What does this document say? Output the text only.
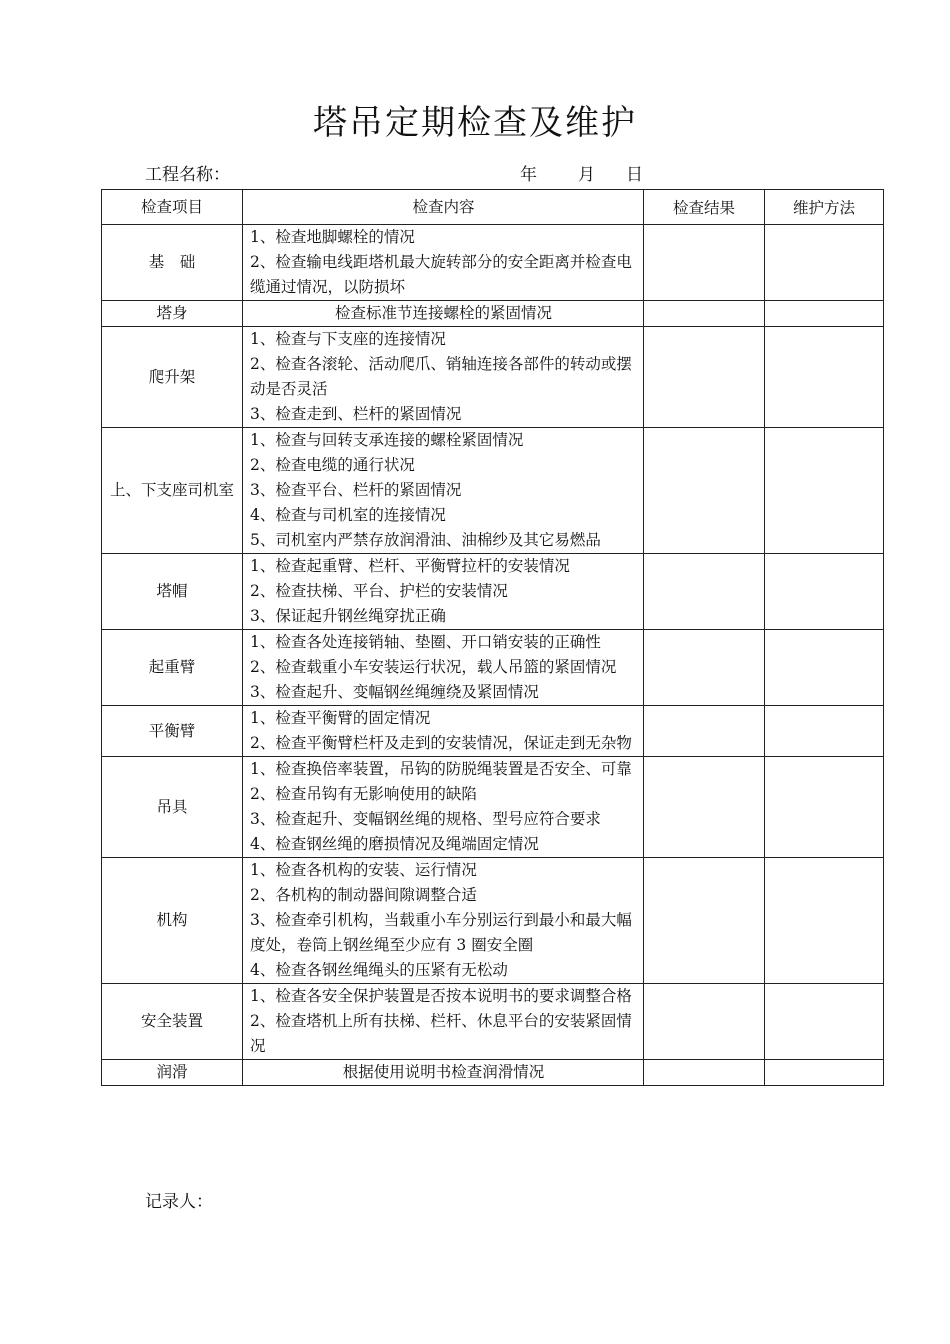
塔吊定期检查及维护
工程名称：	年 月 日
检查项目	检查内容	检查结果	维护方法
基　础	1、检查地脚螺栓的情况
2、检查输电线距塔机最大旋转部分的安全距离并检查电缆通过情况，以防损坏		

塔身	检查标准节连接螺栓的紧固情况		

爬升架	1、检查与下支座的连接情况
2、检查各滚轮、活动爬爪、销轴连接各部件的转动或摆动是否灵活
3、检查走到、栏杆的紧固情况		

上、下支座司机室	1、检查与回转支承连接的螺栓紧固情况
2、检查电缆的通行状况
3、检查平台、栏杆的紧固情况
4、检查与司机室的连接情况
5、司机室内严禁存放润滑油、油棉纱及其它易燃品		

塔帽	1、检查起重臂、栏杆、平衡臂拉杆的安装情况
2、检查扶梯、平台、护栏的安装情况
3、保证起升钢丝绳穿扰正确		

起重臂	1、检查各处连接销轴、垫圈、开口销安装的正确性
2、检查载重小车安装运行状况，载人吊篮的紧固情况
3、检查起升、变幅钢丝绳缠绕及紧固情况		

平衡臂	1、检查平衡臂的固定情况
2、检查平衡臂栏杆及走到的安装情况，保证走到无杂物		

吊具	1、检查换倍率装置，吊钩的防脱绳装置是否安全、可靠
2、检查吊钩有无影响使用的缺陷
3、检查起升、变幅钢丝绳的规格、型号应符合要求
4、检查钢丝绳的磨损情况及绳端固定情况		

机构	1、检查各机构的安装、运行情况
2、各机构的制动器间隙调整合适
3、检查牵引机构，当载重小车分别运行到最小和最大幅度处，卷筒上钢丝绳至少应有 3 圈安全圈
4、检查各钢丝绳绳头的压紧有无松动		

安全装置	1、检查各安全保护装置是否按本说明书的要求调整合格
2、检查塔机上所有扶梯、栏杆、休息平台的安装紧固情况		

润滑	根据使用说明书检查润滑情况		

记录人：
